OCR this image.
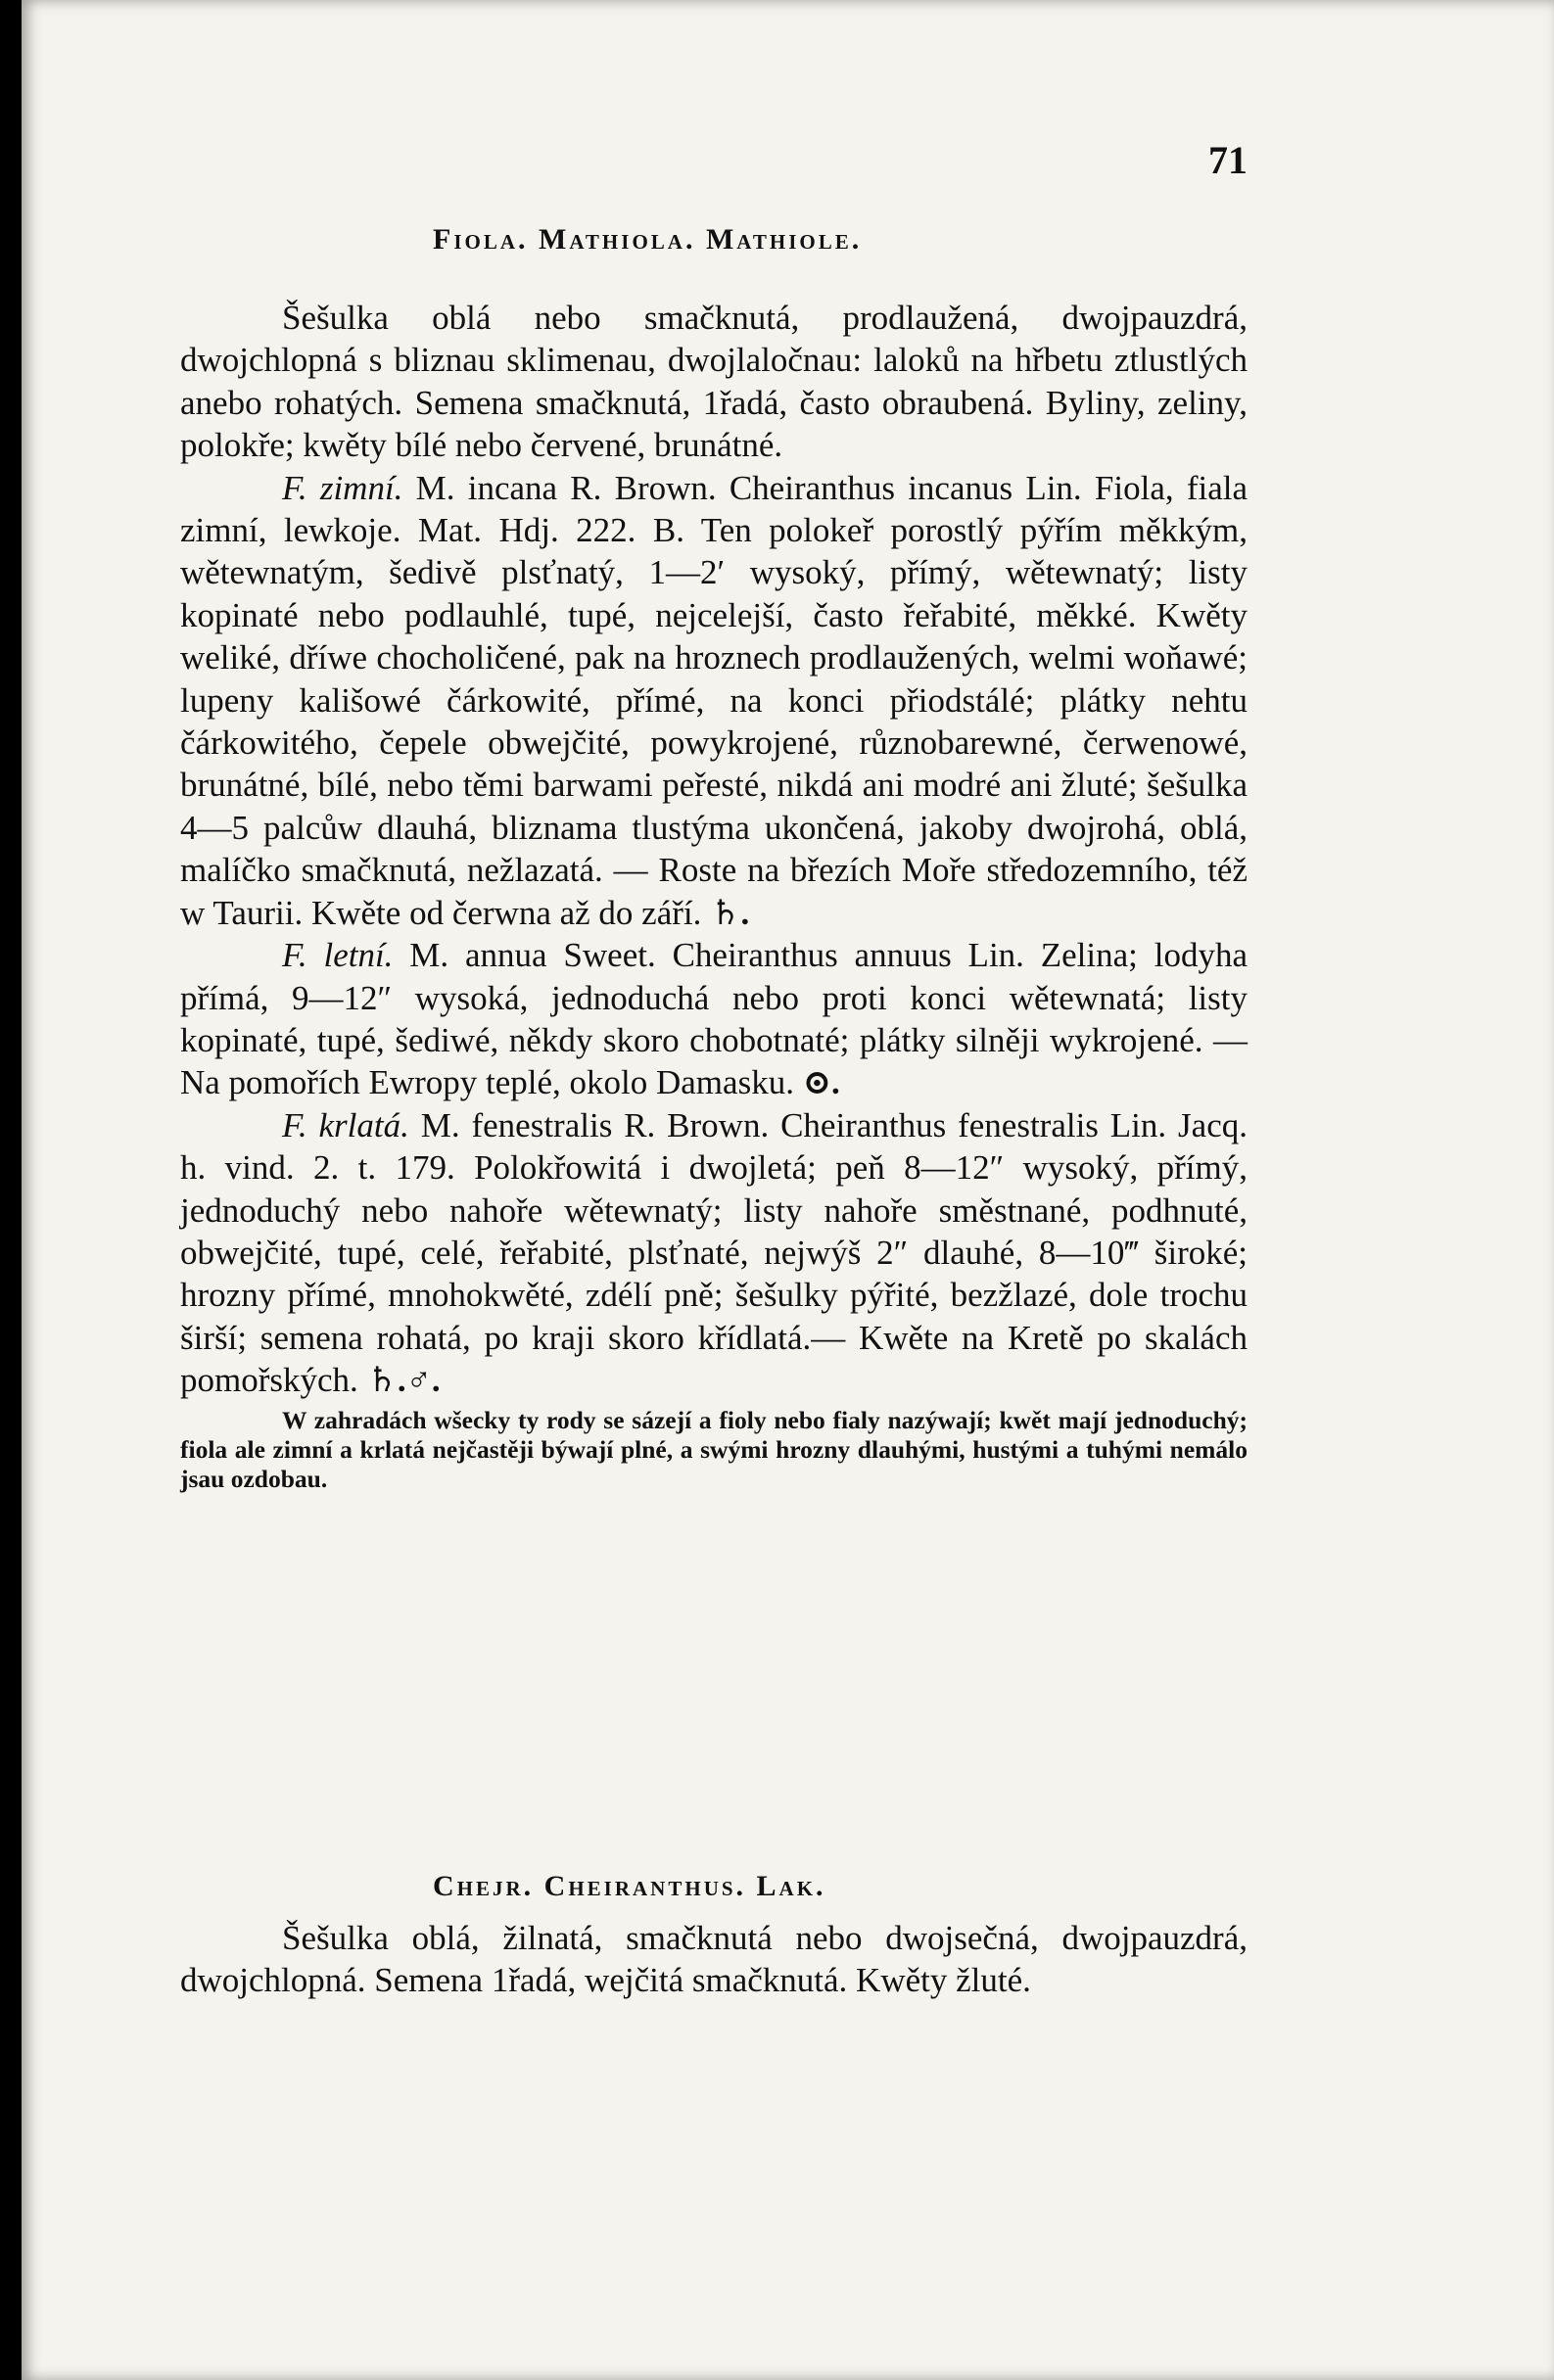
71
Fiola. Mathiola. Mathiole.

Šešulka oblá nebo smačknutá, prodlaužená, dwojpauzdrá, dwojchlopná s bliznau sklimenau, dwojlaločnau: laloků na hřbetu ztlustlých anebo rohatých. Semena smačknutá, 1řadá, často obraubená. Byliny, zeliny, polokře; kwěty bílé nebo červené, brunátné.

F. zimní. M. incana R. Brown. Cheiranthus incanus Lin. Fiola, fiala zimní, lewkoje. Mat. Hdj. 222. B. Ten polokeř porostlý pýřím měkkým, wětewnatým, šedivě plsťnatý, 1—2′ wysoký, přímý, wětewnatý; listy kopinaté nebo podlauhlé, tupé, nejcelejší, často řeřabité, měkké. Kwěty weliké, dříwe chocholičené, pak na hroznech prodlaužených, welmi woňawé; lupeny kališowé čárkowité, přímé, na konci přiodstálé; plátky nehtu čárkowitého, čepele obwejčité, powykrojené, různobarewné, čerwenowé, brunátné, bílé, nebo těmi barwami peřesté, nikdá ani modré ani žluté; šešulka 4—5 palcůw dlauhá, bliznama tlustýma ukončená, jakoby dwojrohá, oblá, malíčko smačknutá, nežlazatá. — Roste na březích Moře středozemního, též w Taurii. Kwěte od čerwna až do září. ♄.

F. letní. M. annua Sweet. Cheiranthus annuus Lin. Zelina; lodyha přímá, 9—12″ wysoká, jednoduchá nebo proti konci wětewnatá; listy kopinaté, tupé, šediwé, někdy skoro chobotnaté; plátky silněji wykrojené. — Na pomořích Ewropy teplé, okolo Damasku. ⊙.

F. krlatá. M. fenestralis R. Brown. Cheiranthus fenestralis Lin. Jacq. h. vind. 2. t. 179. Polokřowitá i dwojletá; peň 8—12″ wysoký, přímý, jednoduchý nebo nahoře wětewnatý; listy nahoře směstnané, podhnuté, obwejčité, tupé, celé, řeřabité, plsťnaté, nejwýš 2″ dlauhé, 8—10‴ široké; hrozny přímé, mnohokwěté, zdélí pně; šešulky pýřité, bezžlazé, dole trochu širší; semena rohatá, po kraji skoro křídlatá.— Kwěte na Kretě po skalách pomořských. ♄.♂.

W zahradách wšecky ty rody se sázejí a fioly nebo fialy nazýwají; kwět mají jednoduchý; fiola ale zimní a krlatá nejčastěji býwají plné, a swými hrozny dlauhými, hustými a tuhými nemálo jsau ozdobau.

Chejr. Cheiranthus. Lak.

Šešulka oblá, žilnatá, smačknutá nebo dwojsečná, dwojpauzdrá, dwojchlopná. Semena 1řadá, wejčitá smačknutá. Kwěty žluté.
